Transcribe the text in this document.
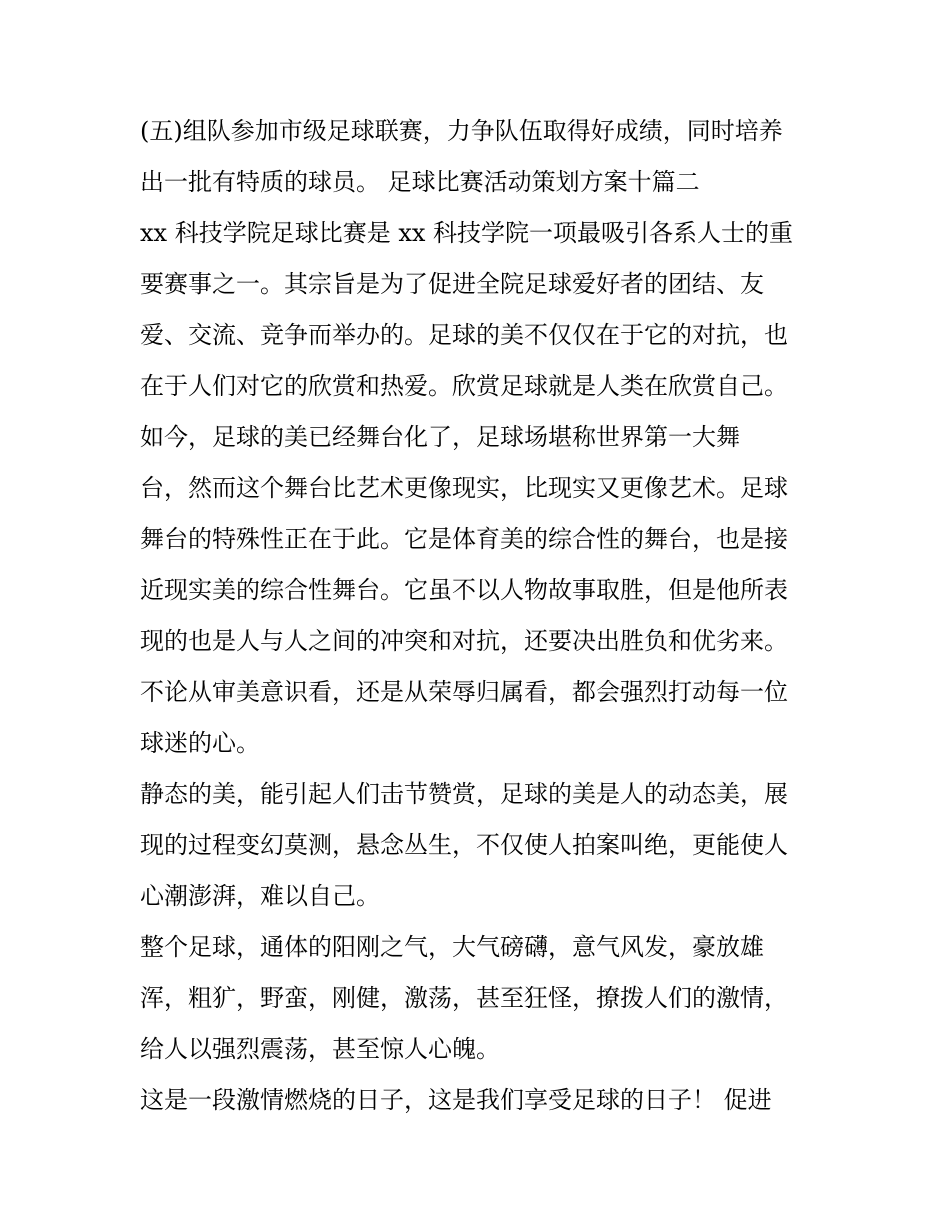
(五)组队参加市级足球联赛，力争队伍取得好成绩，同时培养
出一批有特质的球员。 足球比赛活动策划方案十篇二
xx 科技学院足球比赛是 xx 科技学院一项最吸引各系人士的重
要赛事之一。其宗旨是为了促进全院足球爱好者的团结、友
爱、交流、竞争而举办的。足球的美不仅仅在于它的对抗，也
在于人们对它的欣赏和热爱。欣赏足球就是人类在欣赏自己。
如今，足球的美已经舞台化了，足球场堪称世界第一大舞
台，然而这个舞台比艺术更像现实，比现实又更像艺术。足球
舞台的特殊性正在于此。它是体育美的综合性的舞台，也是接
近现实美的综合性舞台。它虽不以人物故事取胜，但是他所表
现的也是人与人之间的冲突和对抗，还要决出胜负和优劣来。
不论从审美意识看，还是从荣辱归属看，都会强烈打动每一位
球迷的心。
静态的美，能引起人们击节赞赏，足球的美是人的动态美，展
现的过程变幻莫测，悬念丛生，不仅使人拍案叫绝，更能使人
心潮澎湃，难以自己。
整个足球，通体的阳刚之气，大气磅礴，意气风发，豪放雄
浑，粗犷，野蛮，刚健，激荡，甚至狂怪，撩拨人们的激情，
给人以强烈震荡，甚至惊人心魄。
这是一段激情燃烧的日子，这是我们享受足球的日子！ 促进
